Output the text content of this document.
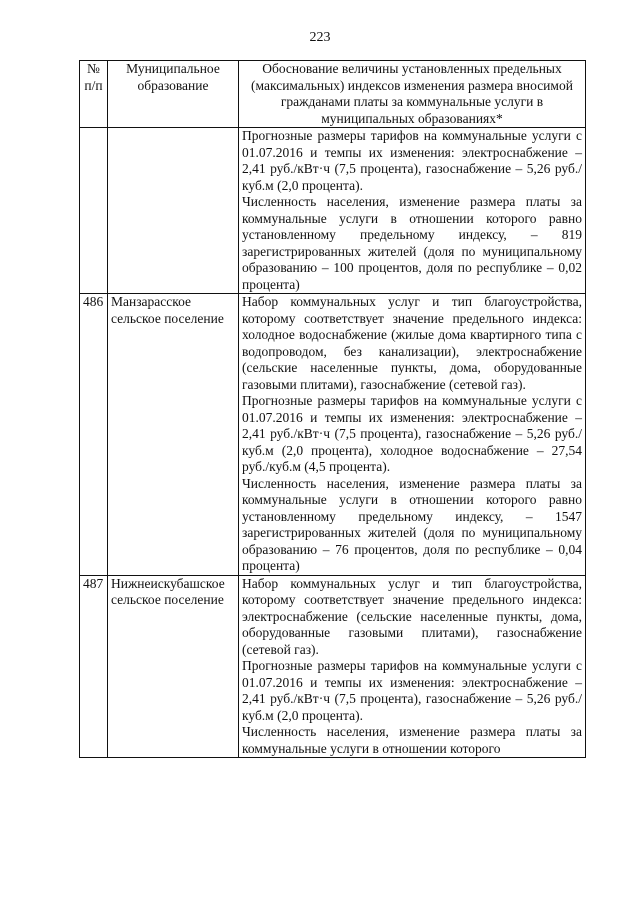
223
№ п/п	Муниципальное образование	Обоснование величины установленных предельных (максимальных) индексов изменения размера вносимой гражданами платы за коммунальные услуги в муниципальных образованиях*

		Прогнозные размеры тарифов на коммунальные услуги с 01.07.2016 и темпы их изменения: электроснабжение – 2,41 руб./кВт·ч (7,5 процента), газоснабжение – 5,26 руб./куб.м (2,0 процента).

Численность населения, изменение размера платы за коммунальные услуги в отношении которого равно установленному предельному индексу, – 819 зарегистрированных жителей (доля по муниципальному образованию – 100 процентов, доля по республике – 0,02 процента)

486	Манзарасское сельское поселение	Набор коммунальных услуг и тип благоустройства, которому соответствует значение предельного индекса: холодное водоснабжение (жилые дома квартирного типа с водопроводом, без канализации), электроснабжение (сельские населенные пункты, дома, оборудованные газовыми плитами), газоснабжение (сетевой газ).

Прогнозные размеры тарифов на коммунальные услуги с 01.07.2016 и темпы их изменения: электроснабжение – 2,41 руб./кВт·ч (7,5 процента), газоснабжение – 5,26 руб./куб.м (2,0 процента), холодное водоснабжение – 27,54 руб./куб.м (4,5 процента).

Численность населения, изменение размера платы за коммунальные услуги в отношении которого равно установленному предельному индексу, – 1547 зарегистрированных жителей (доля по муниципальному образованию – 76 процентов, доля по республике – 0,04 процента)

487	Нижнеискубашское сельское поселение	Набор коммунальных услуг и тип благоустройства, которому соответствует значение предельного индекса: электроснабжение (сельские населенные пункты, дома, оборудованные газовыми плитами), газоснабжение (сетевой газ).

Прогнозные размеры тарифов на коммунальные услуги с 01.07.2016 и темпы их изменения: электроснабжение – 2,41 руб./кВт·ч (7,5 процента), газоснабжение – 5,26 руб./куб.м (2,0 процента).

Численность населения, изменение размера платы за коммунальные услуги в отношении которого
